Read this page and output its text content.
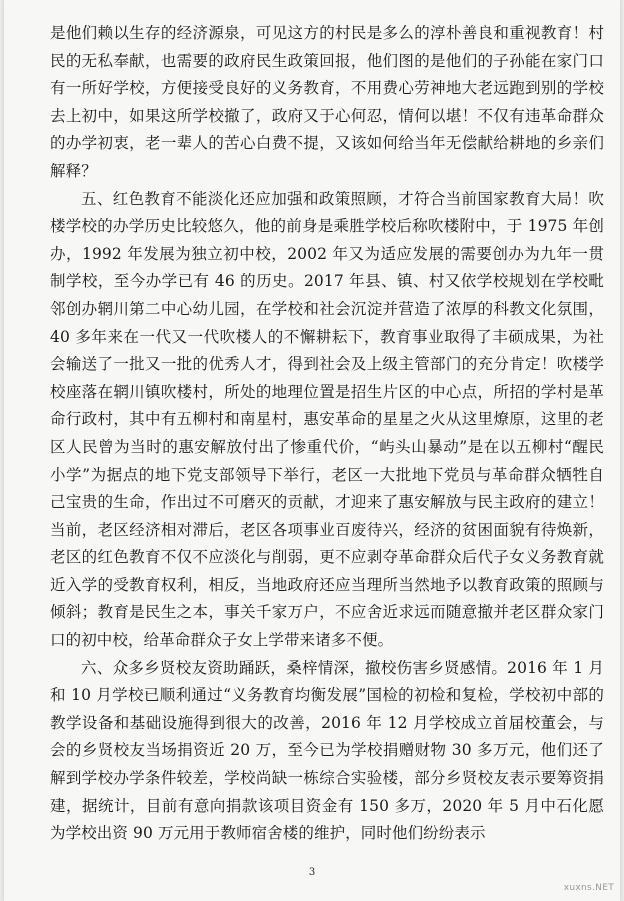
是他们赖以生存的经济源泉，可见这方的村民是多么的淳朴善良和重视教育！村民的无私奉献，也需要的政府民生政策回报，他们图的是他们的子孙能在家门口有一所好学校，方便接受良好的义务教育，不用费心劳神地大老远跑到别的学校去上初中，如果这所学校撤了，政府又于心何忍，情何以堪！不仅有违革命群众的办学初衷，老一辈人的苦心白费不提，又该如何给当年无偿献给耕地的乡亲们解释？

五、红色教育不能淡化还应加强和政策照顾，才符合当前国家教育大局！吹楼学校的办学历史比较悠久，他的前身是乘胜学校后称吹楼附中，于 1975 年创办，1992 年发展为独立初中校，2002 年又为适应发展的需要创办为九年一贯制学校，至今办学已有 46 的历史。2017 年县、镇、村又依学校规划在学校毗邻创办辋川第二中心幼儿园，在学校和社会沉淀并营造了浓厚的科教文化氛围，40 多年来在一代又一代吹楼人的不懈耕耘下，教育事业取得了丰硕成果，为社会输送了一批又一批的优秀人才，得到社会及上级主管部门的充分肯定！吹楼学校座落在辋川镇吹楼村，所处的地理位置是招生片区的中心点，所招的学村是革命行政村，其中有五柳村和南星村，惠安革命的星星之火从这里燎原，这里的老区人民曾为当时的惠安解放付出了惨重代价，“屿头山暴动”是在以五柳村“醒民小学”为据点的地下党支部领导下举行，老区一大批地下党员与革命群众牺牲自己宝贵的生命，作出过不可磨灭的贡献，才迎来了惠安解放与民主政府的建立！当前，老区经济相对滞后，老区各项事业百废待兴，经济的贫困面貌有待焕新，老区的红色教育不仅不应淡化与削弱，更不应剥夺革命群众后代子女义务教育就近入学的受教育权利，相反，当地政府还应当理所当然地予以教育政策的照顾与倾斜；教育是民生之本，事关千家万户，不应舍近求远而随意撤并老区群众家门口的初中校，给革命群众子女上学带来诸多不便。

六、众多乡贤校友资助踊跃，桑梓情深，撤校伤害乡贤感情。2016 年 1 月和 10 月学校已顺利通过“义务教育均衡发展”国检的初检和复检，学校初中部的教学设备和基础设施得到很大的改善，2016 年 12 月学校成立首届校董会，与会的乡贤校友当场捐资近 20 万，至今已为学校捐赠财物 30 多万元，他们还了解到学校办学条件较差，学校尚缺一栋综合实验楼，部分乡贤校友表示要筹资捐建，据统计，目前有意向捐款该项目资金有 150 多万，2020 年 5 月中石化愿为学校出资 90 万元用于教师宿舍楼的维护，同时他们纷纷表示

3
xuxns.NET
